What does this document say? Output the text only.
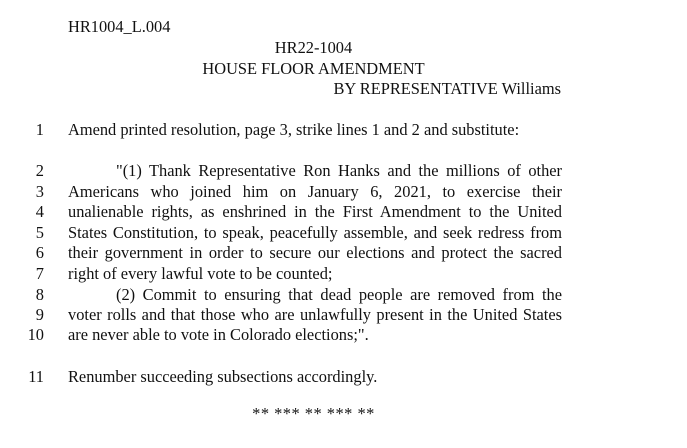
HR1004_L.004
HR22-1004
HOUSE FLOOR AMENDMENT
BY REPRESENTATIVE Williams
1 Amend printed resolution, page 3, strike lines 1 and 2 and substitute:
2	"(1) Thank Representative Ron Hanks and the millions of other
3 Americans who joined him on January 6, 2021, to exercise their
4 unalienable rights, as enshrined in the First Amendment to the United
5 States Constitution, to speak, peacefully assemble, and seek redress from
6 their government in order to secure our elections and protect the sacred
7 right of every lawful vote to be counted;
8	(2) Commit to ensuring that dead people are removed from the
9 voter rolls and that those who are unlawfully present in the United States
10 are never able to vote in Colorado elections;".
11 Renumber succeeding subsections accordingly.
** *** ** *** **
